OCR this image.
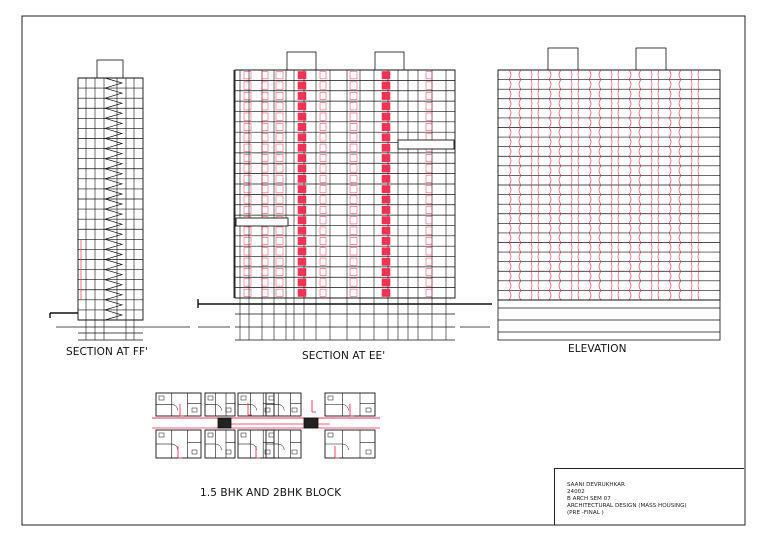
SECTION AT FF'	SECTION AT EE'
ELEVATION
1.5 BHK AND 2BHK BLOCK
SAANI DEVRUKHKAR
24002
B ARCH SEM 07
ARCHITECTURAL DESIGN (MASS HOUSING)
(PRE -FINAL )
